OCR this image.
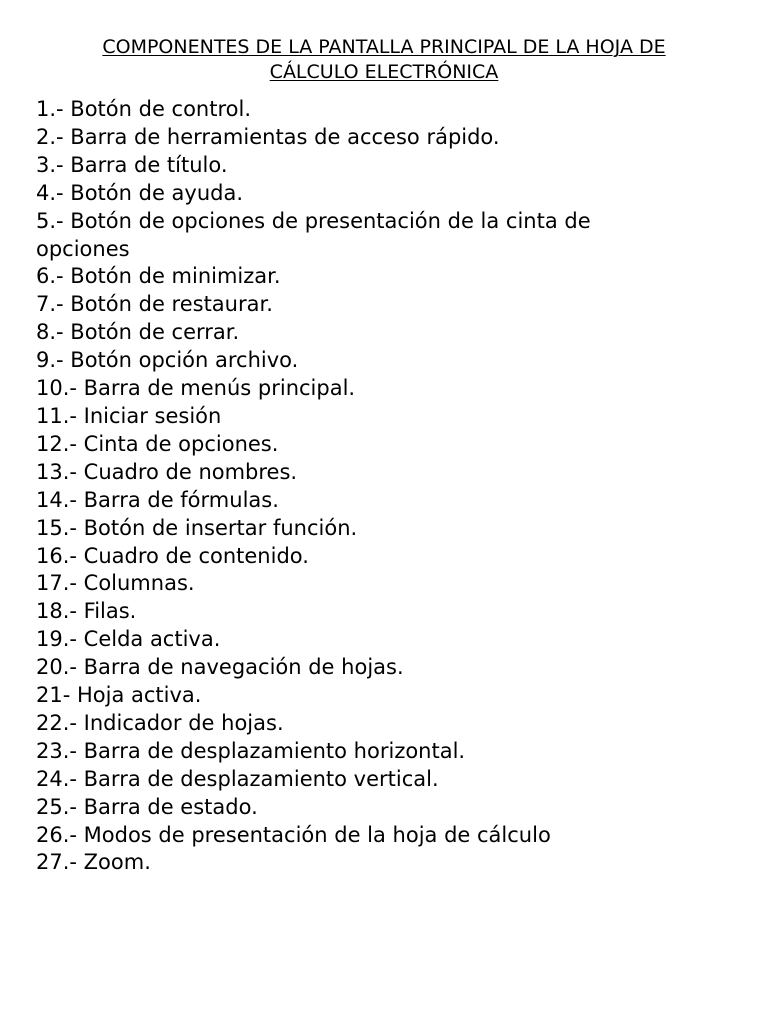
COMPONENTES DE LA PANTALLA PRINCIPAL DE LA HOJA DE
CÁLCULO ELECTRÓNICA
1.- Botón de control.
2.- Barra de herramientas de acceso rápido.
3.- Barra de título.
4.- Botón de ayuda.
5.- Botón de opciones de presentación de la cinta de
opciones
6.- Botón de minimizar.
7.- Botón de restaurar.
8.- Botón de cerrar.
9.- Botón opción archivo.
10.- Barra de menús principal.
11.- Iniciar sesión
12.- Cinta de opciones.
13.- Cuadro de nombres.
14.- Barra de fórmulas.
15.- Botón de insertar función.
16.- Cuadro de contenido.
17.- Columnas.
18.- Filas.
19.- Celda activa.
20.- Barra de navegación de hojas.
21- Hoja activa.
22.- Indicador de hojas.
23.- Barra de desplazamiento horizontal.
24.- Barra de desplazamiento vertical.
25.- Barra de estado.
26.- Modos de presentación de la hoja de cálculo
27.- Zoom.
